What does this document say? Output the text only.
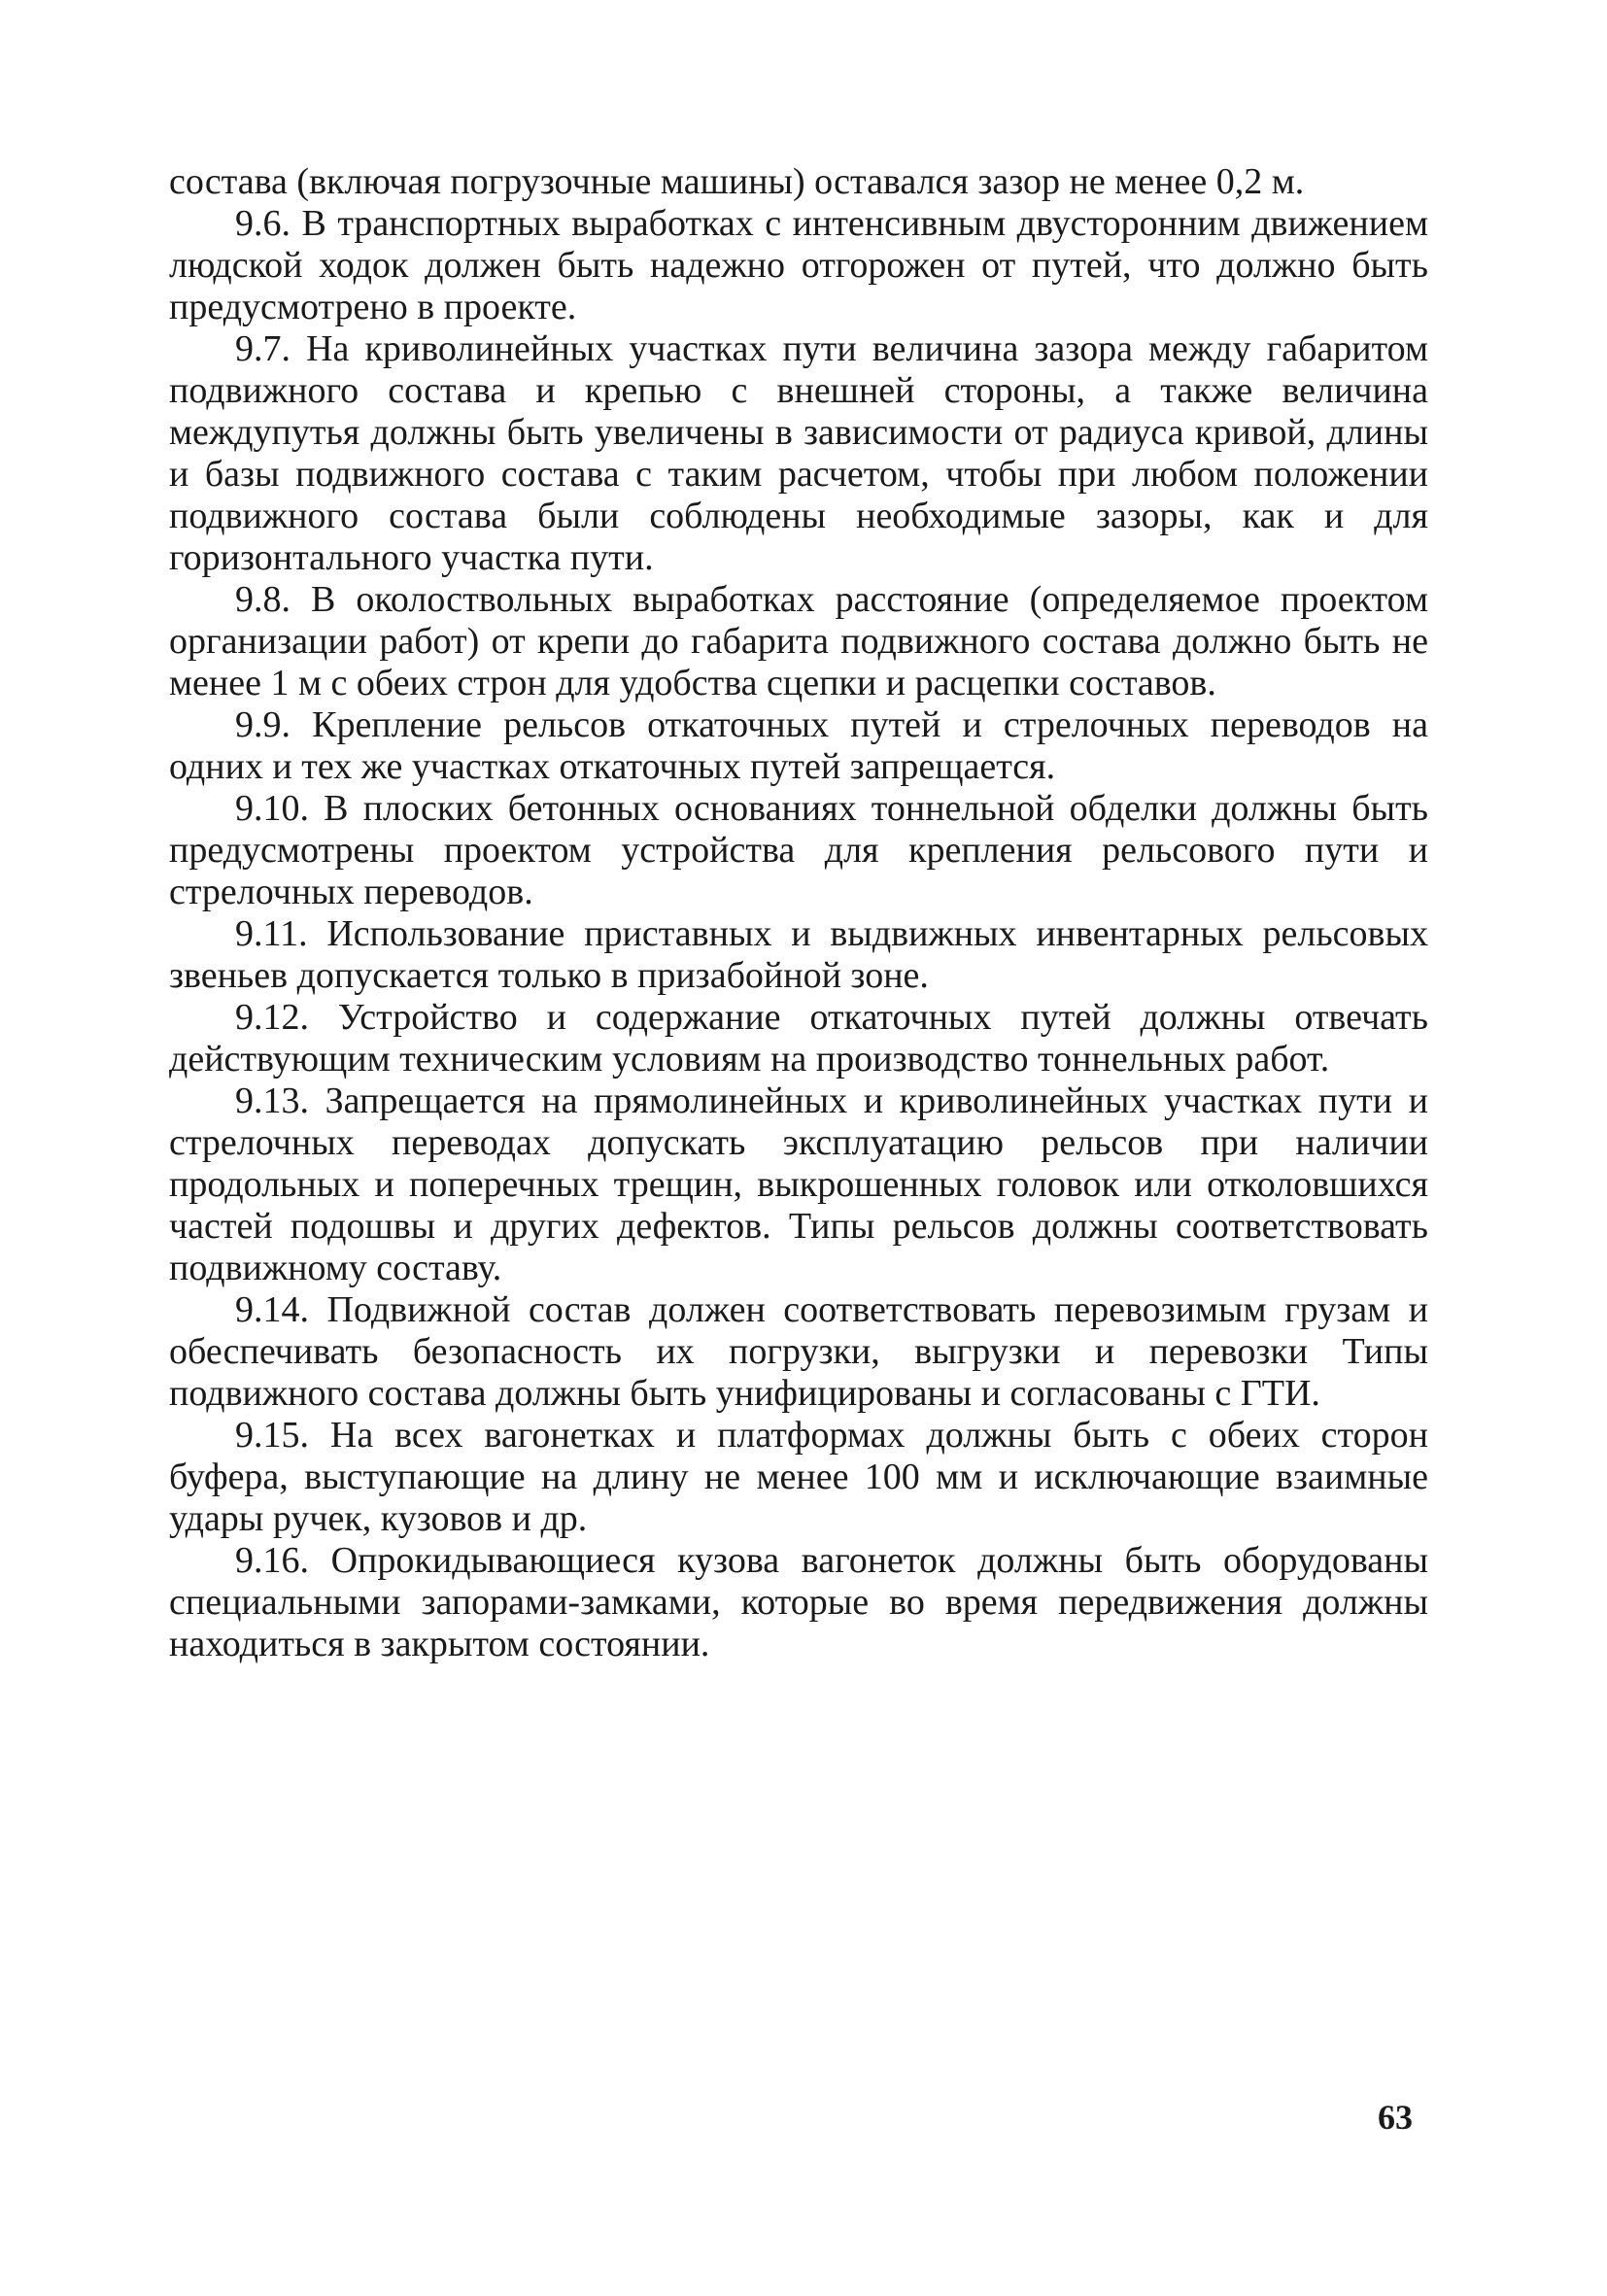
состава (включая погрузочные машины) оставался зазор не менее 0,2 м.

9.6. В транспортных выработках с интенсивным двусторонним движением людской ходок должен быть надежно отгорожен от путей, что должно быть предусмотрено в проекте.

9.7. На криволинейных участках пути величина зазора между габаритом подвижного состава и крепью с внешней стороны, а также величина междупутья должны быть увеличены в зависимости от радиуса кривой, длины и базы подвижного состава с таким расчетом, чтобы при любом положении подвижного состава были соблюдены необходимые зазоры, как и для горизонтального участка пути.

9.8. В околоствольных выработках расстояние (определяемое проектом организации работ) от крепи до габарита подвижного состава должно быть не менее 1 м с обеих строн для удобства сцепки и расцепки составов.

9.9. Крепление рельсов откаточных путей и стрелочных переводов на одних и тех же участках откаточных путей запрещается.

9.10. В плоских бетонных основаниях тоннельной обделки должны быть предусмотрены проектом устройства для крепления рельсового пути и стрелочных переводов.

9.11. Использование приставных и выдвижных инвентарных рельсовых звеньев допускается только в призабойной зоне.

9.12. Устройство и содержание откаточных путей должны отвечать действующим техническим условиям на производство тоннельных работ.

9.13. Запрещается на прямолинейных и криволинейных участках пути и стрелочных переводах допускать эксплуатацию рельсов при наличии продольных и поперечных трещин, выкрошенных головок или отколовшихся частей подошвы и других дефектов. Типы рельсов должны соответствовать подвижному составу.

9.14. Подвижной состав должен соответствовать перевозимым грузам и обеспечивать безопасность их погрузки, выгрузки и перевозки Типы подвижного состава должны быть унифицированы и согласованы с ГТИ.

9.15. На всех вагонетках и платформах должны быть с обеих сторон буфера, выступающие на длину не менее 100 мм и исключающие взаимные удары ручек, кузовов и др.

9.16. Опрокидывающиеся кузова вагонеток должны быть оборудованы специальными запорами-замками, которые во время передвижения должны находиться в закрытом состоянии.

63
